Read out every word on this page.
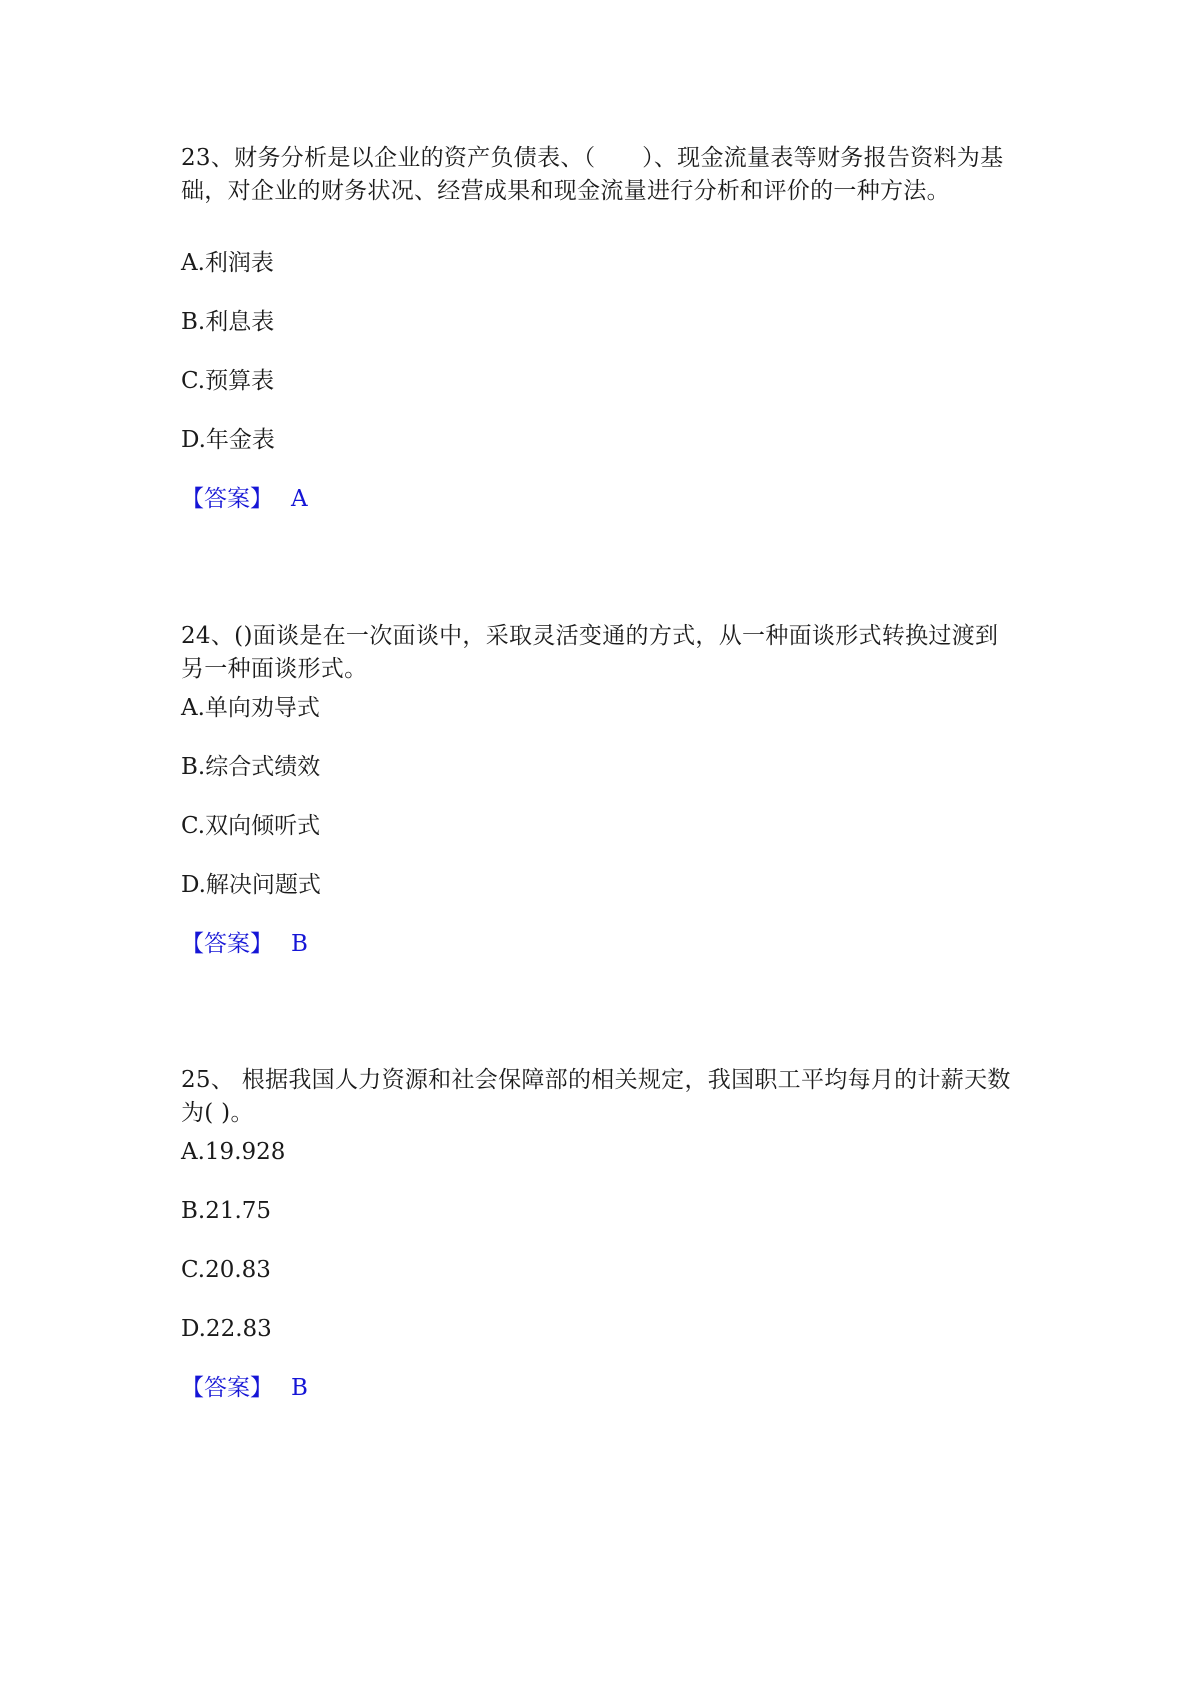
23、财务分析是以企业的资产负债表、（　　）、现金流量表等财务报告资料为基础，对企业的财务状况、经营成果和现金流量进行分析和评价的一种方法。

A.利润表

B.利息表

C.预算表

D.年金表

【答案】 A

24、()面谈是在一次面谈中，采取灵活变通的方式，从一种面谈形式转换过渡到另一种面谈形式。

A.单向劝导式

B.综合式绩效

C.双向倾听式

D.解决问题式

【答案】 B

25、 根据我国人力资源和社会保障部的相关规定，我国职工平均每月的计薪天数为( )。

A.19.928

B.21.75

C.20.83

D.22.83

【答案】 B
